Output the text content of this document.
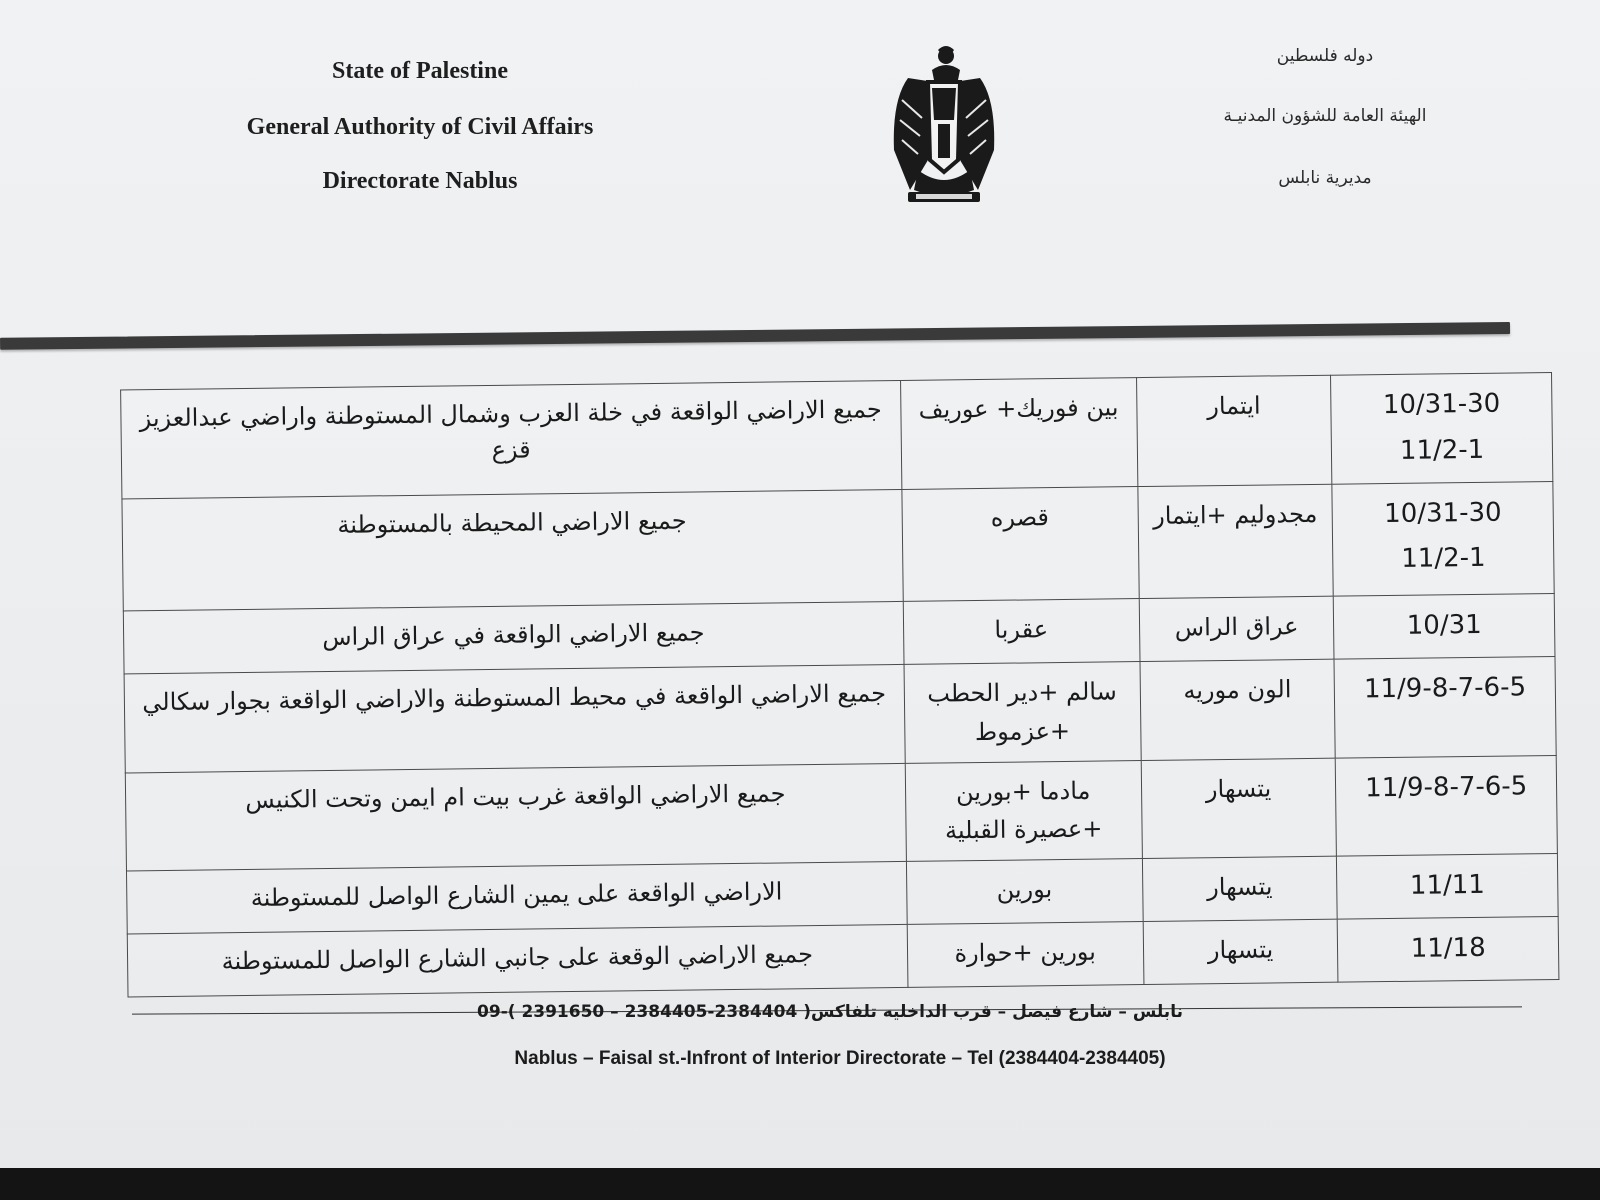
State of Palestine
General Authority of Civil Affairs
Directorate Nablus
دوله فلسطين
الهيئة العامة للشؤون المدنيـة
مديرية نابلس
جميع الاراضي الواقعة في خلة العزب وشمال المستوطنة واراضي عبدالعزيز قزع	بين فوريك+ عوريف	ايتمار	10/31-30
11/2-1

جميع الاراضي المحيطة بالمستوطنة	قصره	مجدوليم +ايتمار	10/31-30
11/2-1

جميع الاراضي الواقعة في عراق الراس	عقربا	عراق الراس	10/31

جميع الاراضي الواقعة في محيط المستوطنة والاراضي الواقعة بجوار سكالي	سالم +دير الحطب +عزموط	الون موريه	11/9-8-7-6-5

جميع الاراضي الواقعة غرب بيت ام ايمن وتحت الكنيس	مادما +بورين +عصيرة القبلية	يتسهار	11/9-8-7-6-5

الاراضي الواقعة على يمين الشارع الواصل للمستوطنة	بورين	يتسهار	11/11

جميع الاراضي الوقعة على جانبي الشارع الواصل للمستوطنة	بورين +حوارة	يتسهار	11/18
نابلس – شارع فيصل – قرب الداخليه تلفاكس( 2384404-2384405 – 2391650 )-09
Nablus – Faisal st.-Infront of Interior Directorate – Tel (2384404-2384405)
